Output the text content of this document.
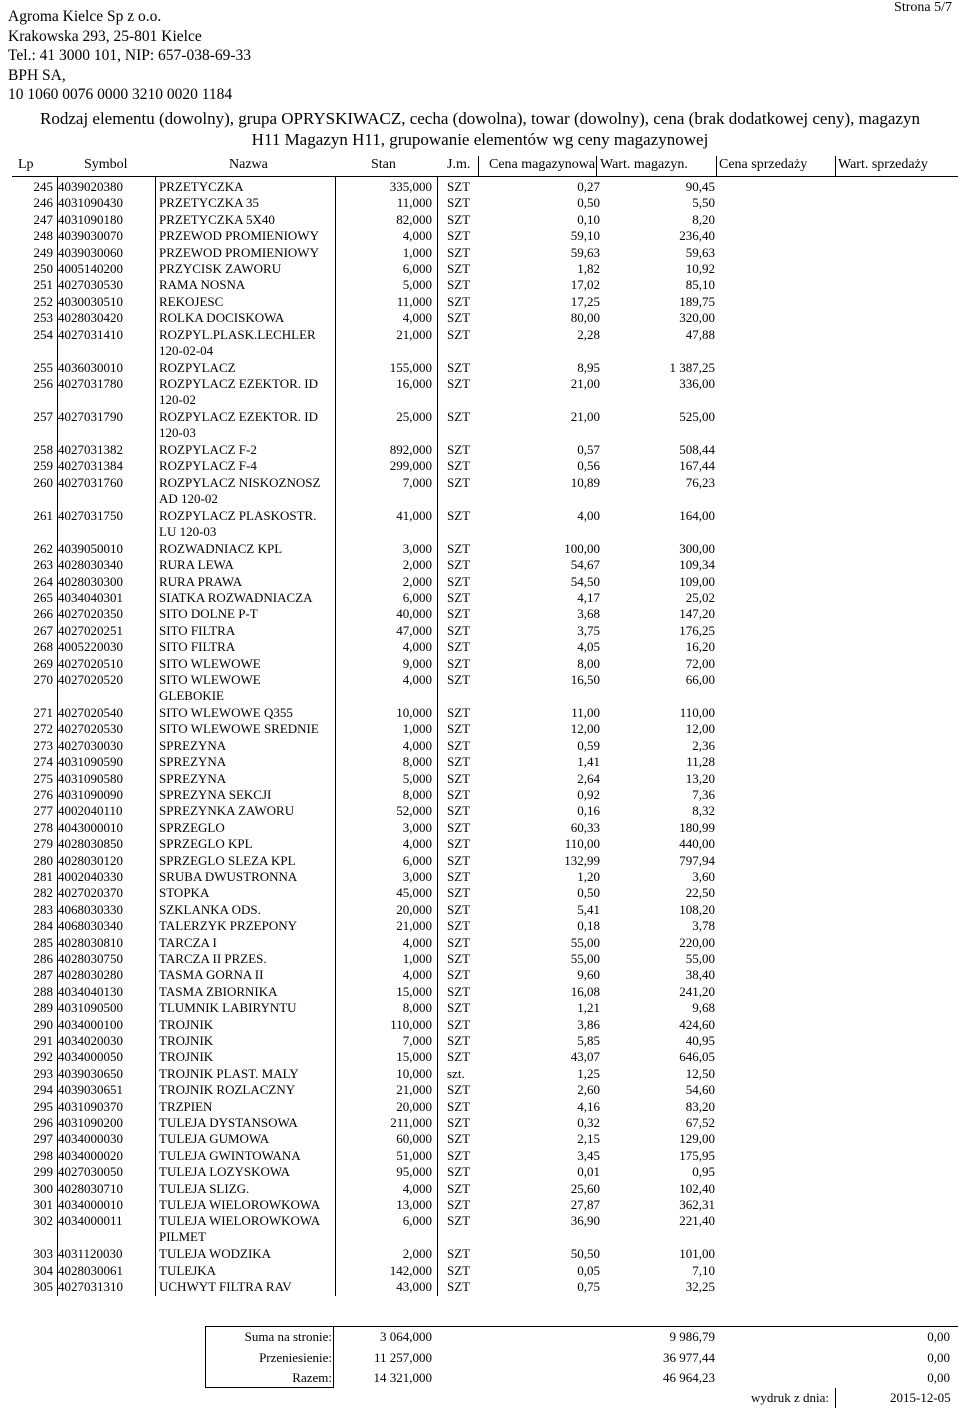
Agroma Kielce Sp z o.o.
Krakowska 293, 25-801 Kielce
Tel.: 41 3000 101, NIP: 657-038-69-33
BPH SA,
10 1060 0076 0000 3210 0020 1184
Strona 5/7
Rodzaj elementu (dowolny), grupa OPRYSKIWACZ, cecha (dowolna), towar (dowolny), cena (brak dodatkowej ceny), magazyn
H11 Magazyn H11, grupowanie elementów wg ceny magazynowej
Lp	Symbol	Nazwa	Stan	J.m. Cena magazynowa Wart. magazyn. Cena sprzedaży Wart. sprzedaży
245 4039020380	PRZETYCZKA	335,000 SZT	0,27	90,45
246 4031090430	PRZETYCZKA 35	11,000 SZT	0,50	5,50
247 4031090180	PRZETYCZKA 5X40	82,000 SZT	0,10	8,20
248 4039030070	PRZEWOD PROMIENIOWY	4,000 SZT	59,10	236,40
249 4039030060	PRZEWOD PROMIENIOWY	1,000 SZT	59,63	59,63
250 4005140200	PRZYCISK ZAWORU	6,000 SZT	1,82	10,92
251 4027030530	RAMA NOSNA	5,000 SZT	17,02	85,10
252 4030030510	REKOJESC	11,000 SZT	17,25	189,75
253 4028030420	ROLKA DOCISKOWA	4,000 SZT	80,00	320,00
254 4027031410	ROZPYL.PLASK.LECHLER	21,000 SZT	2,28	47,88
120-02-04
255 4036030010	ROZPYLACZ	155,000 SZT	8,95	1 387,25
256 4027031780	ROZPYLACZ EZEKTOR. ID	16,000 SZT	21,00	336,00
120-02
257 4027031790	ROZPYLACZ EZEKTOR. ID	25,000 SZT	21,00	525,00
120-03
258 4027031382	ROZPYLACZ F-2	892,000 SZT	0,57	508,44
259 4027031384	ROZPYLACZ F-4	299,000 SZT	0,56	167,44
260 4027031760	ROZPYLACZ NISKOZNOSZ	7,000 SZT	10,89	76,23
AD 120-02
261 4027031750	ROZPYLACZ PLASKOSTR.	41,000 SZT	4,00	164,00
LU 120-03
262 4039050010	ROZWADNIACZ KPL	3,000 SZT	100,00	300,00
263 4028030340	RURA LEWA	2,000 SZT	54,67	109,34
264 4028030300	RURA PRAWA	2,000 SZT	54,50	109,00
265 4034040301	SIATKA ROZWADNIACZA	6,000 SZT	4,17	25,02
266 4027020350	SITO DOLNE P-T	40,000 SZT	3,68	147,20
267 4027020251	SITO FILTRA	47,000 SZT	3,75	176,25
268 4005220030	SITO FILTRA	4,000 SZT	4,05	16,20
269 4027020510	SITO WLEWOWE	9,000 SZT	8,00	72,00
270 4027020520	SITO WLEWOWE	4,000 SZT	16,50	66,00
GLEBOKIE
271 4027020540	SITO WLEWOWE Q355	10,000 SZT	11,00	110,00
272 4027020530	SITO WLEWOWE SREDNIE	1,000 SZT	12,00	12,00
273 4027030030	SPREZYNA	4,000 SZT	0,59	2,36
274 4031090590	SPREZYNA	8,000 SZT	1,41	11,28
275 4031090580	SPREZYNA	5,000 SZT	2,64	13,20
276 4031090090	SPREZYNA SEKCJI	8,000 SZT	0,92	7,36
277 4002040110	SPREZYNKA ZAWORU	52,000 SZT	0,16	8,32
278 4043000010	SPRZEGLO	3,000 SZT	60,33	180,99
279 4028030850	SPRZEGLO KPL	4,000 SZT	110,00	440,00
280 4028030120	SPRZEGLO SLEZA KPL	6,000 SZT	132,99	797,94
281 4002040330	SRUBA DWUSTRONNA	3,000 SZT	1,20	3,60
282 4027020370	STOPKA	45,000 SZT	0,50	22,50
283 4068030330	SZKLANKA ODS.	20,000 SZT	5,41	108,20
284 4068030340	TALERZYK PRZEPONY	21,000 SZT	0,18	3,78
285 4028030810	TARCZA I	4,000 SZT	55,00	220,00
286 4028030750	TARCZA II PRZES.	1,000 SZT	55,00	55,00
287 4028030280	TASMA GORNA II	4,000 SZT	9,60	38,40
288 4034040130	TASMA ZBIORNIKA	15,000 SZT	16,08	241,20
289 4031090500	TLUMNIK LABIRYNTU	8,000 SZT	1,21	9,68
290 4034000100	TROJNIK	110,000 SZT	3,86	424,60
291 4034020030	TROJNIK	7,000 SZT	5,85	40,95
292 4034000050	TROJNIK	15,000 SZT	43,07	646,05
293 4039030650	TROJNIK PLAST. MALY	10,000 szt.	1,25	12,50
294 4039030651	TROJNIK ROZLACZNY	21,000 SZT	2,60	54,60
295 4031090370	TRZPIEN	20,000 SZT	4,16	83,20
296 4031090200	TULEJA DYSTANSOWA	211,000 SZT	0,32	67,52
297 4034000030	TULEJA GUMOWA	60,000 SZT	2,15	129,00
298 4034000020	TULEJA GWINTOWANA	51,000 SZT	3,45	175,95
299 4027030050	TULEJA LOZYSKOWA	95,000 SZT	0,01	0,95
300 4028030710	TULEJA SLIZG.	4,000 SZT	25,60	102,40
301 4034000010	TULEJA WIELOROWKOWA	13,000 SZT	27,87	362,31
302 4034000011	TULEJA WIELOROWKOWA	6,000 SZT	36,90	221,40
PILMET
303 4031120030	TULEJA WODZIKA	2,000 SZT	50,50	101,00
304 4028030061	TULEJKA	142,000 SZT	0,05	7,10
305 4027031310	UCHWYT FILTRA RAV	43,000 SZT	0,75	32,25
Suma na stronie:	3 064,000	9 986,79	0,00
Przeniesienie:	11 257,000	36 977,44	0,00
Razem:	14 321,000	46 964,23	0,00
wydruk z dnia:	2015-12-05
